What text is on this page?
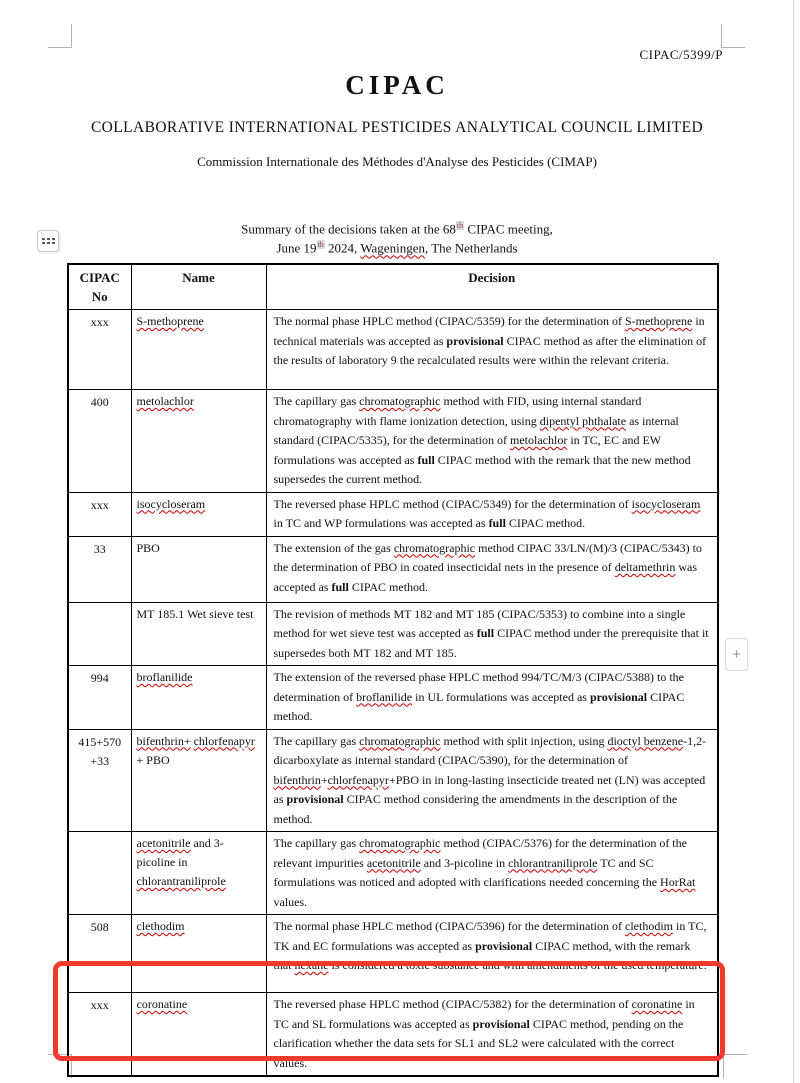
CIPAC/5399/P
CIPAC
COLLABORATIVE INTERNATIONAL PESTICIDES ANALYTICAL COUNCIL LIMITED
Commission Internationale des Méthodes d'Analyse des Pesticides (CIMAP)
Summary of the decisions taken at the 68th CIPAC meeting,
June 19th 2024, Wageningen, The Netherlands
CIPAC
No	Name	Decision
xxx	S-methoprene	The normal phase HPLC method (CIPAC/5359) for the determination of S-methoprene in technical materials was accepted as provisional CIPAC method as after the elimination of the results of laboratory 9 the recalculated results were within the relevant criteria.
400	metolachlor	The capillary gas chromatographic method with FID, using internal standard chromatography with flame ionization detection, using dipentyl phthalate as internal standard (CIPAC/5335), for the determination of metolachlor in TC, EC and EW formulations was accepted as full CIPAC method with the remark that the new method supersedes the current method.
xxx	isocycloseram	The reversed phase HPLC method (CIPAC/5349) for the determination of isocycloseram in TC and WP formulations was accepted as full CIPAC method.
33	PBO	The extension of the gas chromatographic method CIPAC 33/LN/(M)/3 (CIPAC/5343) to the determination of PBO in coated insecticidal nets in the presence of deltamethrin was accepted as full CIPAC method.
	MT 185.1 Wet sieve test	The revision of methods MT 182 and MT 185 (CIPAC/5353) to combine into a single method for wet sieve test was accepted as full CIPAC method under the prerequisite that it supersedes both MT 182 and MT 185.
994	broflanilide	The extension of the reversed phase HPLC method 994/TC/M/3 (CIPAC/5388) to the determination of broflanilide in UL formulations was accepted as provisional CIPAC method.
415+570 +33	bifenthrin+ chlorfenapyr + PBO	The capillary gas chromatographic method with split injection, using dioctyl benzene-1,2-dicarboxylate as internal standard (CIPAC/5390), for the determination of bifenthrin+chlorfenapyr+PBO in in long-lasting insecticide treated net (LN) was accepted as provisional CIPAC method considering the amendments in the description of the method.
	acetonitrile and 3-picoline in chlorantraniliprole	The capillary gas chromatographic method (CIPAC/5376) for the determination of the relevant impurities acetonitrile and 3-picoline in chlorantraniliprole TC and SC formulations was noticed and adopted with clarifications needed concerning the HorRat values.
508	clethodim	The normal phase HPLC method (CIPAC/5396) for the determination of clethodim in TC, TK and EC formulations was accepted as provisional CIPAC method, with the remark that hexane is considered a toxic substance and with amendments of the used temperature.
xxx	coronatine	The reversed phase HPLC method (CIPAC/5382) for the determination of coronatine in TC and SL formulations was accepted as provisional CIPAC method, pending on the clarification whether the data sets for SL1 and SL2 were calculated with the correct values.
+
